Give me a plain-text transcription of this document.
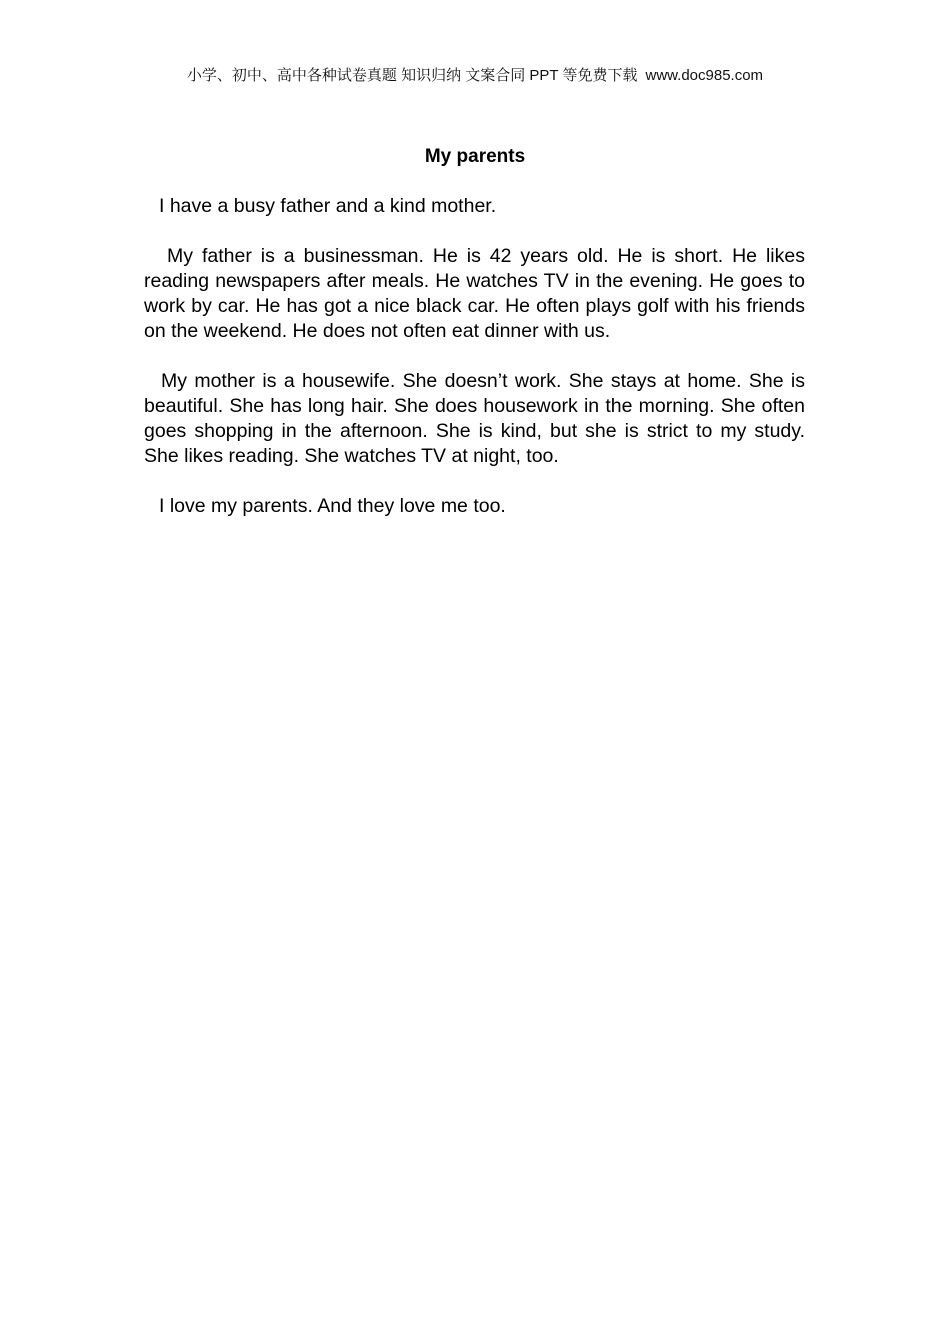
小学、初中、高中各种试卷真题 知识归纳 文案合同 PPT 等免费下载 www.doc985.com
My parents

I have a busy father and a kind mother.

My father is a businessman. He is 42 years old. He is short. He likes reading newspapers after meals. He watches TV in the evening. He goes to work by car. He has got a nice black car. He often plays golf with his friends on the weekend. He does not often eat dinner with us.

My mother is a housewife. She doesn’t work. She stays at home. She is beautiful. She has long hair. She does housework in the morning. She often goes shopping in the afternoon. She is kind, but she is strict to my study. She likes reading. She watches TV at night, too.

I love my parents. And they love me too.
